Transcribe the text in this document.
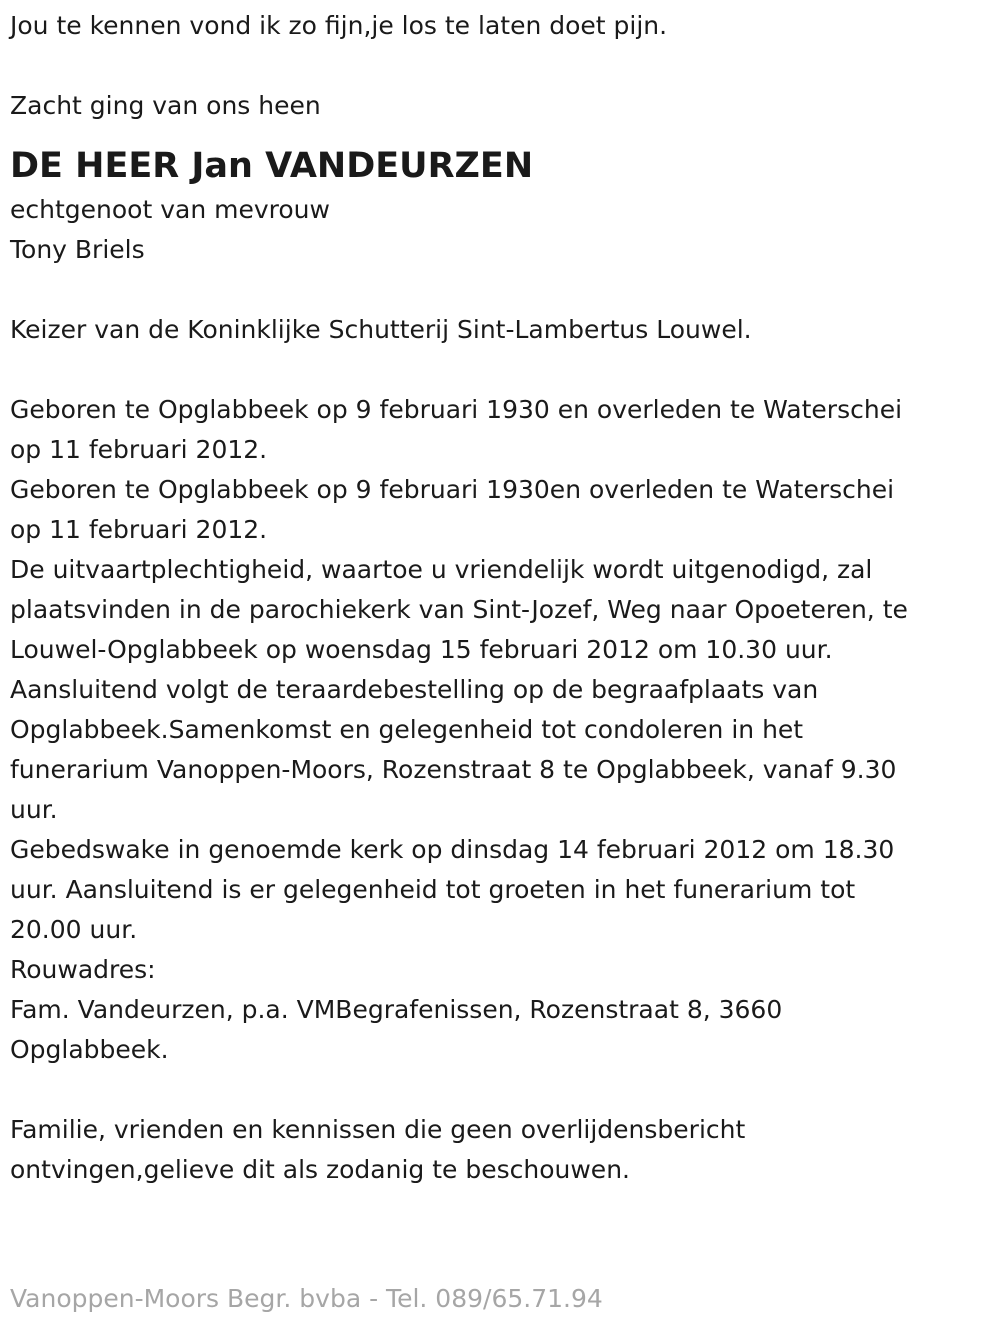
Jou te kennen vond ik zo fijn,je los te laten doet pijn.

Zacht ging van ons heen

DE HEER Jan VANDEURZEN

echtgenoot van mevrouw

Tony Briels

Keizer van de Koninklijke Schutterij Sint-Lambertus Louwel.

Geboren te Opglabbeek op 9 februari 1930 en overleden te Waterschei

op 11 februari 2012.

Geboren te Opglabbeek op 9 februari 1930en overleden te Waterschei

op 11 februari 2012.

De uitvaartplechtigheid, waartoe u vriendelijk wordt uitgenodigd, zal

plaatsvinden in de parochiekerk van Sint-Jozef, Weg naar Opoeteren, te

Louwel-Opglabbeek op woensdag 15 februari 2012 om 10.30 uur.

Aansluitend volgt de teraardebestelling op de begraafplaats van

Opglabbeek.Samenkomst en gelegenheid tot condoleren in het

funerarium Vanoppen-Moors, Rozenstraat 8 te Opglabbeek, vanaf 9.30

uur.

Gebedswake in genoemde kerk op dinsdag 14 februari 2012 om 18.30

uur. Aansluitend is er gelegenheid tot groeten in het funerarium tot

20.00 uur.

Rouwadres:

Fam. Vandeurzen, p.a. VMBegrafenissen, Rozenstraat 8, 3660

Opglabbeek.

Familie, vrienden en kennissen die geen overlijdensbericht

ontvingen,gelieve dit als zodanig te beschouwen.

Vanoppen-Moors Begr. bvba - Tel. 089/65.71.94
